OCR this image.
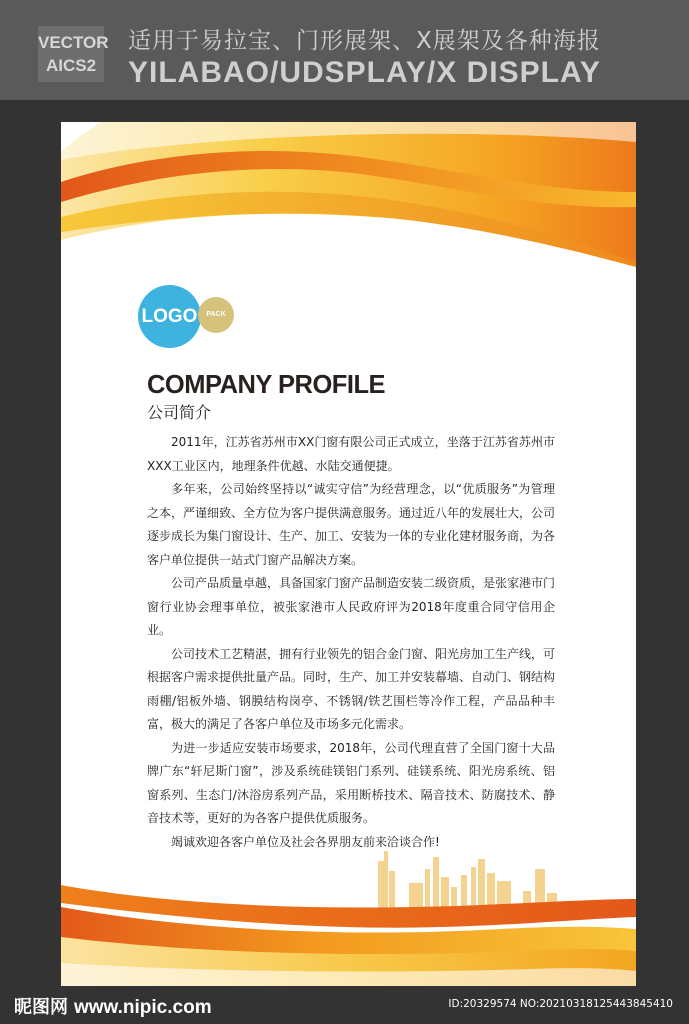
VECTOR
AICS2
适用于易拉宝、门形展架、X展架及各种海报
YILABAO/UDSPLAY/X DISPLAY
LOGO	PACK
COMPANY PROFILE
公司简介

2011年，江苏省苏州市XX门窗有限公司正式成立，坐落于江苏省苏州市XXX工业区内，地理条件优越、水陆交通便捷。

多年来，公司始终坚持以“诚实守信”为经营理念，以“优质服务”为管理之本，严谨细致、全方位为客户提供满意服务。通过近八年的发展壮大，公司逐步成长为集门窗设计、生产、加工、安装为一体的专业化建材服务商，为各客户单位提供一站式门窗产品解决方案。

公司产品质量卓越，具备国家门窗产品制造安装二级资质，是张家港市门窗行业协会理事单位，被张家港市人民政府评为2018年度重合同守信用企业。

公司技术工艺精湛，拥有行业领先的铝合金门窗、阳光房加工生产线，可根据客户需求提供批量产品。同时，生产、加工并安装幕墙、自动门、钢结构雨棚/铝板外墙、钢膜结构岗亭、不锈钢/铁艺围栏等冷作工程，产品品种丰富，极大的满足了各客户单位及市场多元化需求。

为进一步适应安装市场要求，2018年，公司代理直营了全国门窗十大品牌广东“轩尼斯门窗”，涉及系统硅镁铝门系列、硅镁系统、阳光房系统、铝窗系列、生态门/沐浴房系列产品，采用断桥技术、隔音技术、防腐技术、静音技术等，更好的为各客户提供优质服务。

竭诚欢迎各客户单位及社会各界朋友前来洽谈合作!

昵图网 www.nipic.com	ID:20329574 NO:20210318125443845410
